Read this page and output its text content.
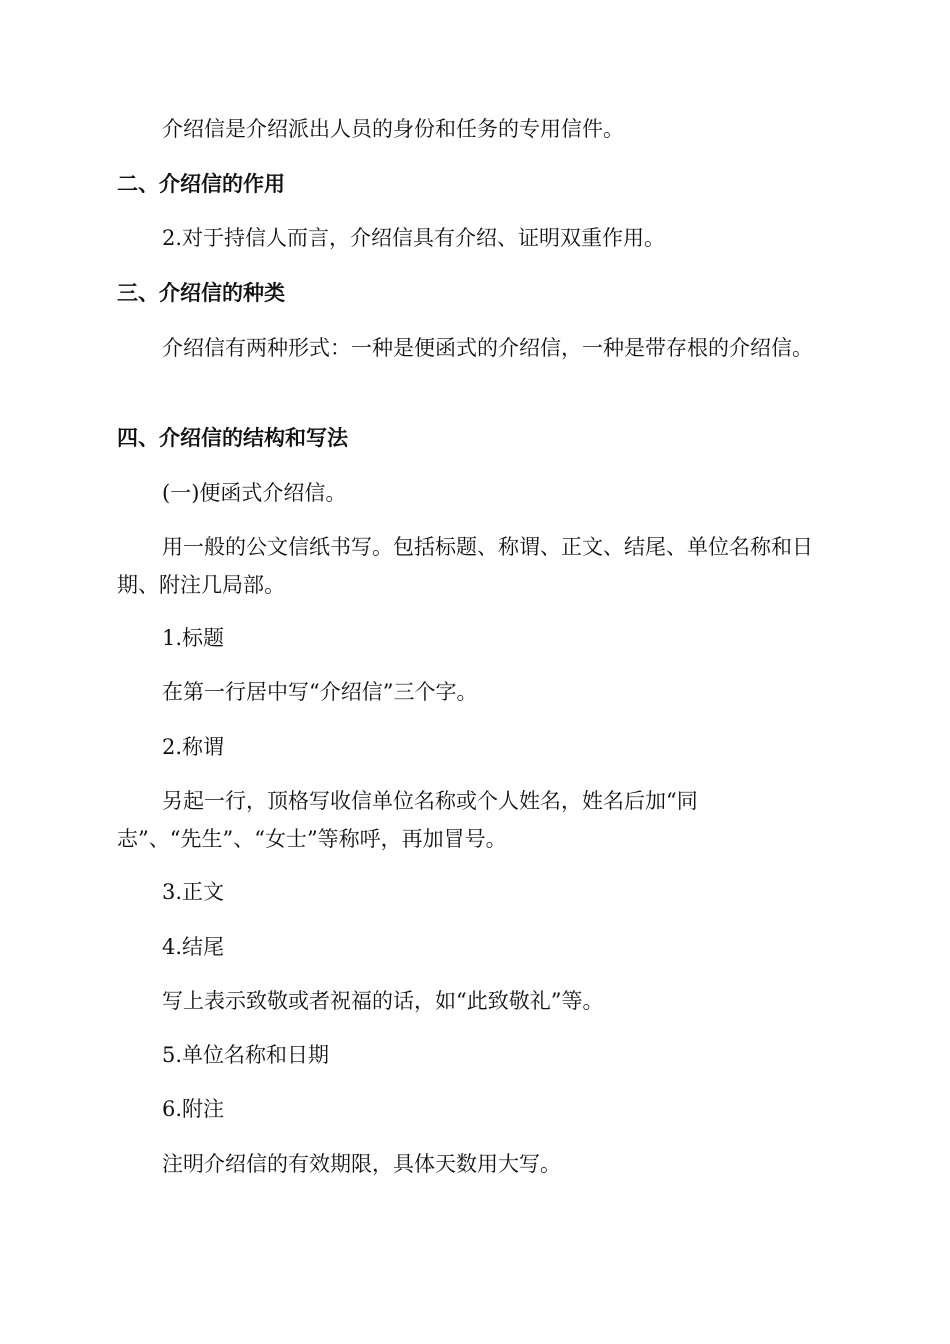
介绍信是介绍派出人员的身份和任务的专用信件。
二、介绍信的作用
2.对于持信人而言，介绍信具有介绍、证明双重作用。
三、介绍信的种类
介绍信有两种形式：一种是便函式的介绍信，一种是带存根的介绍信。
四、介绍信的结构和写法
(一)便函式介绍信。
用一般的公文信纸书写。包括标题、称谓、正文、结尾、单位名称和日期、附注几局部。
1.标题
在第一行居中写“介绍信”三个字。
2.称谓
另起一行，顶格写收信单位名称或个人姓名，姓名后加“同志”、“先生”、“女士”等称呼，再加冒号。
3.正文
4.结尾
写上表示致敬或者祝福的话，如“此致敬礼”等。
5.单位名称和日期
6.附注
注明介绍信的有效期限，具体天数用大写。
